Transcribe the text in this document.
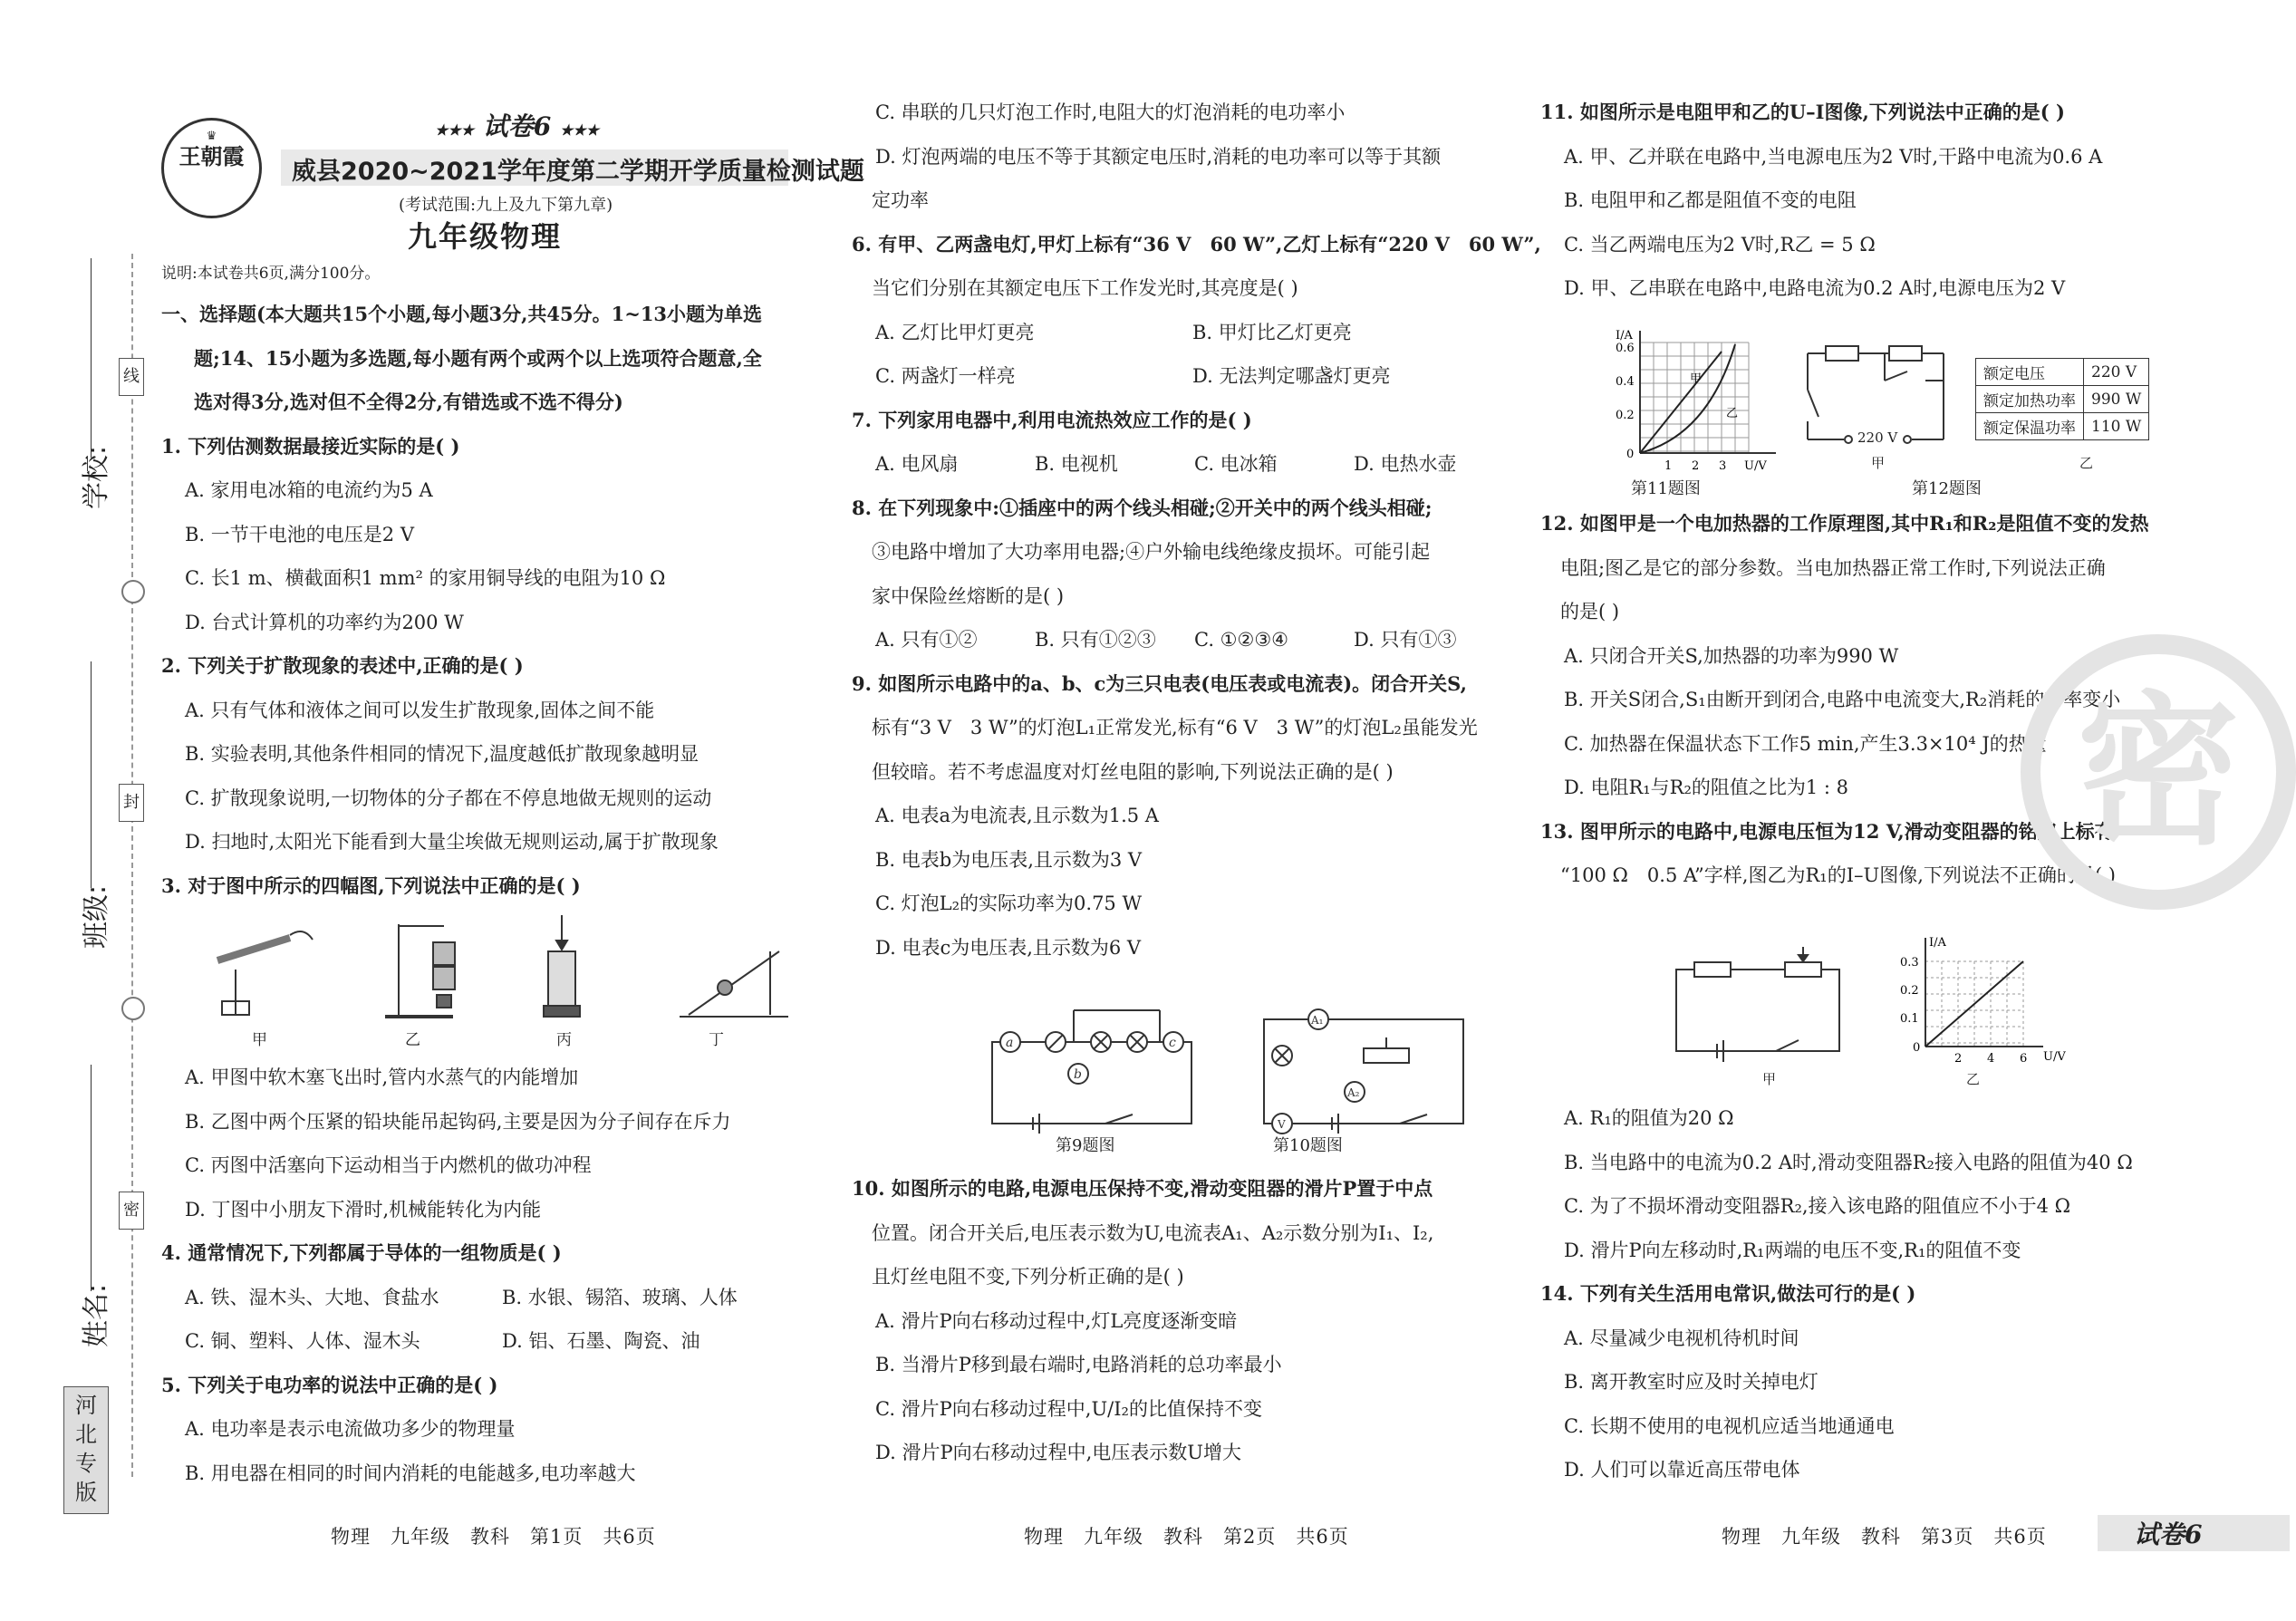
线
封
密
学校:
班级:
姓名:
河
北
专
版
♛
王朝霞
★★★ 试卷6 ★★★
威县2020~2021学年度第二学期开学质量检测试题
(考试范围:九上及九下第九章)
九年级物理
说明:本试卷共6页,满分100分。

一、选择题(本大题共15个小题,每小题3分,共45分。1~13小题为单选

题;14、15小题为多选题,每小题有两个或两个以上选项符合题意,全

选对得3分,选对但不全得2分,有错选或不选不得分)

1. 下列估测数据最接近实际的是( )

A. 家用电冰箱的电流约为5 A

B. 一节干电池的电压是2 V

C. 长1 m、横截面积1 mm² 的家用铜导线的电阻为10 Ω

D. 台式计算机的功率约为200 W

2. 下列关于扩散现象的表述中,正确的是( )

A. 只有气体和液体之间可以发生扩散现象,固体之间不能

B. 实验表明,其他条件相同的情况下,温度越低扩散现象越明显

C. 扩散现象说明,一切物体的分子都在不停息地做无规则的运动

D. 扫地时,太阳光下能看到大量尘埃做无规则运动,属于扩散现象

3. 对于图中所示的四幅图,下列说法中正确的是( )

甲	乙	丙	丁

A. 甲图中软木塞飞出时,管内水蒸气的内能增加

B. 乙图中两个压紧的铅块能吊起钩码,主要是因为分子间存在斥力

C. 丙图中活塞向下运动相当于内燃机的做功冲程

D. 丁图中小朋友下滑时,机械能转化为内能

4. 通常情况下,下列都属于导体的一组物质是( )

A. 铁、湿木头、大地、食盐水	B. 水银、锡箔、玻璃、人体

C. 铜、塑料、人体、湿木头	D. 铝、石墨、陶瓷、油

5. 下列关于电功率的说法中正确的是( )

A. 电功率是表示电流做功多少的物理量

B. 用电器在相同的时间内消耗的电能越多,电功率越大

C. 串联的几只灯泡工作时,电阻大的灯泡消耗的电功率小

D. 灯泡两端的电压不等于其额定电压时,消耗的电功率可以等于其额

定功率

6. 有甲、乙两盏电灯,甲灯上标有“36 V　60 W”,乙灯上标有“220 V　60 W”,

当它们分别在其额定电压下工作发光时,其亮度是( )

A. 乙灯比甲灯更亮	B. 甲灯比乙灯更亮

C. 两盏灯一样亮	D. 无法判定哪盏灯更亮

7. 下列家用电器中,利用电流热效应工作的是( )

A. 电风扇	B. 电视机	C. 电冰箱	D. 电热水壶

8. 在下列现象中:①插座中的两个线头相碰;②开关中的两个线头相碰;

③电路中增加了大功率用电器;④户外输电线绝缘皮损坏。可能引起

家中保险丝熔断的是( )

A. 只有①②	B. 只有①②③	C. ①②③④	D. 只有①③

9. 如图所示电路中的a、b、c为三只电表(电压表或电流表)。闭合开关S,

标有“3 V　3 W”的灯泡L₁正常发光,标有“6 V　3 W”的灯泡L₂虽能发光

但较暗。若不考虑温度对灯丝电阻的影响,下列说法正确的是( )

A. 电表a为电流表,且示数为1.5 A

B. 电表b为电压表,且示数为3 V

C. 灯泡L₂的实际功率为0.75 W

D. 电表c为电压表,且示数为6 V

a	c
b
A₁
A₂
V
第9题图	第10题图

10. 如图所示的电路,电源电压保持不变,滑动变阻器的滑片P置于中点

位置。闭合开关后,电压表示数为U,电流表A₁、A₂示数分别为I₁、I₂,

且灯丝电阻不变,下列分析正确的是( )

A. 滑片P向右移动过程中,灯L亮度逐渐变暗

B. 当滑片P移到最右端时,电路消耗的总功率最小

C. 滑片P向右移动过程中,U/I₂的比值保持不变

D. 滑片P向右移动过程中,电压表示数U增大

11. 如图所示是电阻甲和乙的U–I图像,下列说法中正确的是( )

A. 甲、乙并联在电路中,当电源电压为2 V时,干路中电流为0.6 A

B. 电阻甲和乙都是阻值不变的电阻

C. 当乙两端电压为2 V时,R乙 = 5 Ω

D. 甲、乙串联在电路中,电路电流为0.2 A时,电源电压为2 V

I/A
U/V
0.6
0.4
0.2
0
1 2 3
甲
乙
第11题图
220 V
甲
第12题图
额定电压	220 V
额定加热功率	990 W
额定保温功率	110 W
乙

12. 如图甲是一个电加热器的工作原理图,其中R₁和R₂是阻值不变的发热

电阻;图乙是它的部分参数。当电加热器正常工作时,下列说法正确

的是( )

A. 只闭合开关S,加热器的功率为990 W

B. 开关S闭合,S₁由断开到闭合,电路中电流变大,R₂消耗的功率变小

C. 加热器在保温状态下工作5 min,产生3.3×10⁴ J的热量

D. 电阻R₁与R₂的阻值之比为1 : 8

13. 图甲所示的电路中,电源电压恒为12 V,滑动变阻器的铭牌上标有

“100 Ω　0.5 A”字样,图乙为R₁的I–U图像,下列说法不正确的是( )

I/A
U/V
0.3
0.2
0.1
0
2 4 6
甲	乙

A. R₁的阻值为20 Ω

B. 当电路中的电流为0.2 A时,滑动变阻器R₂接入电路的阻值为40 Ω

C. 为了不损坏滑动变阻器R₂,接入该电路的阻值应不小于4 Ω

D. 滑片P向左移动时,R₁两端的电压不变,R₁的阻值不变

14. 下列有关生活用电常识,做法可行的是( )

A. 尽量减少电视机待机时间

B. 离开教室时应及时关掉电灯

C. 长期不使用的电视机应适当地通通电

D. 人们可以靠近高压带电体

密
物理　九年级　教科　第1页　共6页	物理　九年级　教科　第2页　共6页	物理　九年级　教科　第3页　共6页	试卷6
